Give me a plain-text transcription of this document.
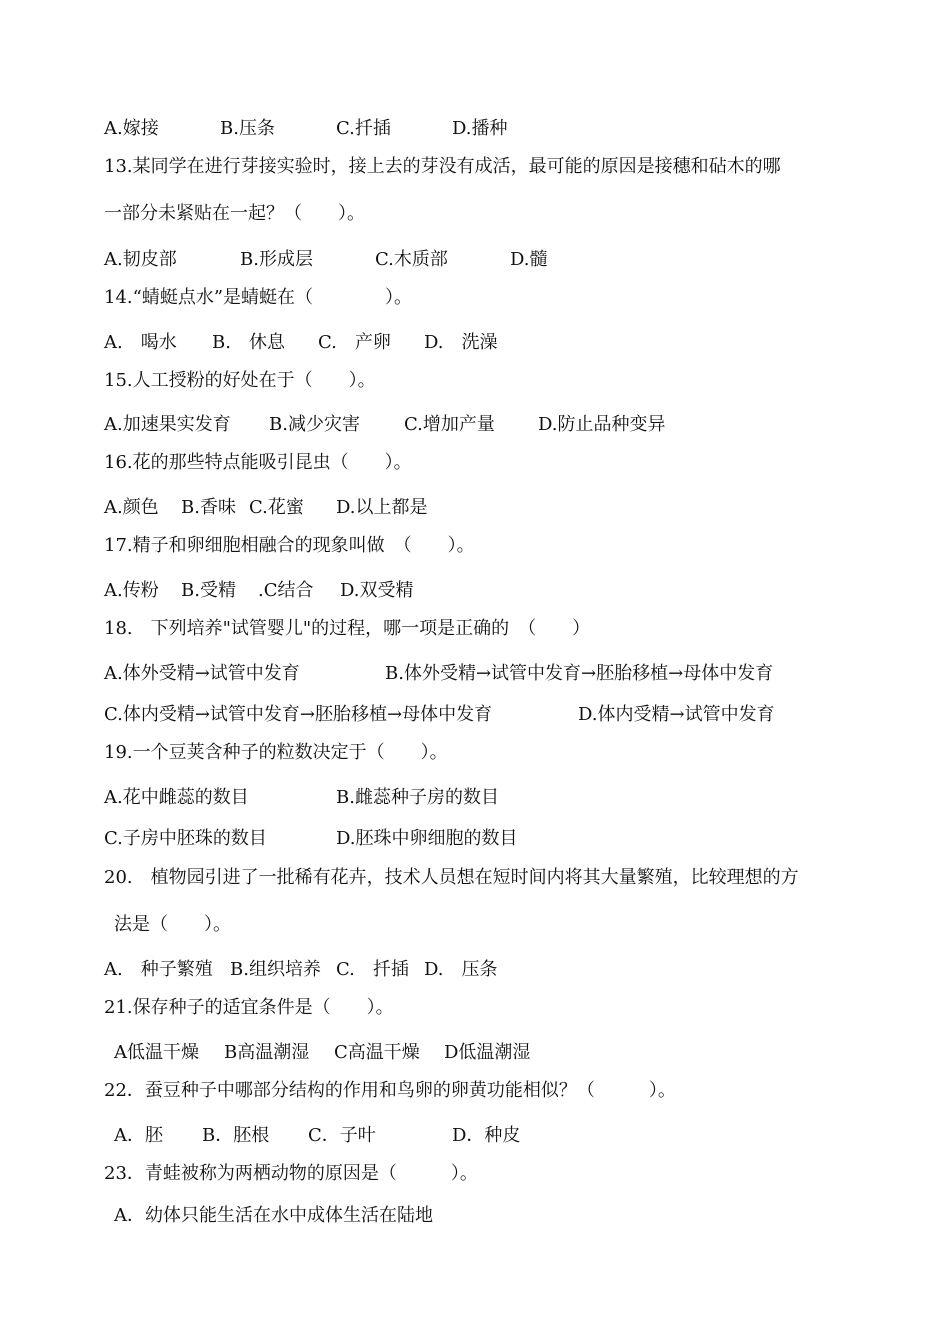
A.嫁接	B.压条	C.扦插	D.播种
13.某同学在进行芽接实验时，接上去的芽没有成活，最可能的原因是接穗和砧木的哪
一部分未紧贴在一起？（　　）。
A.韧皮部	B.形成层	C.木质部	D.髓
14.“蜻蜓点水”是蜻蜓在（　　　　）。
A.　喝水 B.　休息 C.　产卵 D.　洗澡
15.人工授粉的好处在于（　　）。
A.加速果实发育 B.减少灾害 C.增加产量 D.防止品种变异
16.花的那些特点能吸引昆虫（　　）。
A.颜色 B.香味 C.花蜜 D.以上都是
17.精子和卵细胞相融合的现象叫做　（　　）。
A.传粉 B.受精 .C结合 D.双受精
18.　下列培养"试管婴儿"的过程，哪一项是正确的　（　　）
A.体外受精→试管中发育	B.体外受精→试管中发育→胚胎移植→母体中发育
C.体内受精→试管中发育→胚胎移植→母体中发育	D.体内受精→试管中发育
19.一个豆荚含种子的粒数决定于（　　）。
A.花中雌蕊的数目	B.雌蕊种子房的数目
C.子房中胚珠的数目	D.胚珠中卵细胞的数目
20.　植物园引进了一批稀有花卉，技术人员想在短时间内将其大量繁殖，比较理想的方
法是（　　）。
A.　种子繁殖 B.组织培养 C.　扦插 D.　压条
21.保存种子的适宜条件是（　　）。
A低温干燥 B高温潮湿 C高温干燥 D低温潮湿
22．蚕豆种子中哪部分结构的作用和鸟卵的卵黄功能相似？（　　　）。
A．胚 B．胚根 C．子叶	D．种皮
23．青蛙被称为两栖动物的原因是（　　　）。
A．幼体只能生活在水中成体生活在陆地
